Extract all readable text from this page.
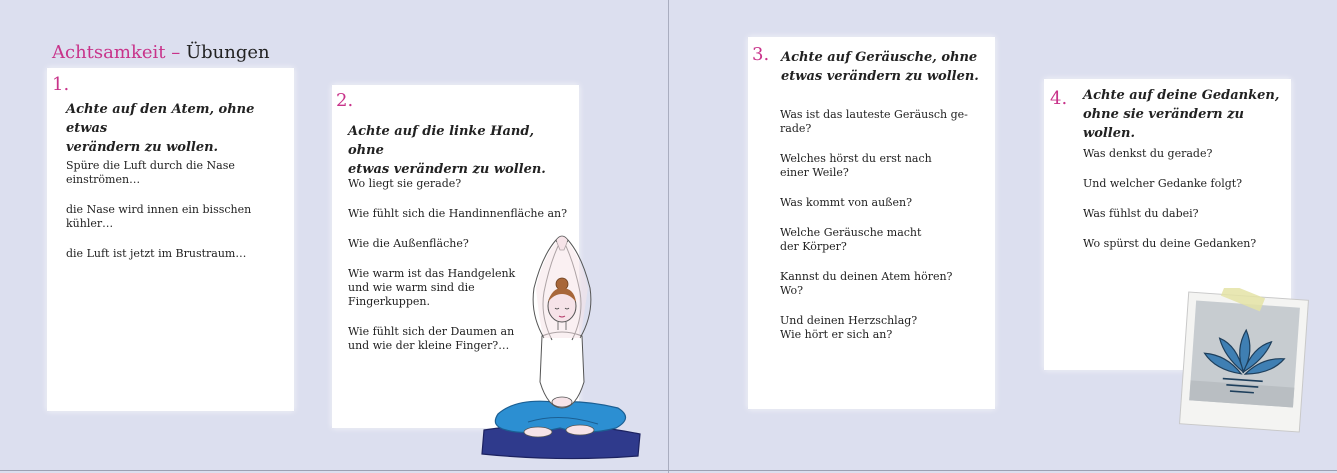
Achtsamkeit – Übungen
1.
Achte auf den Atem, ohne etwas
verändern zu wollen.

Spüre die Luft durch die Nase
einströmen…

die Nase wird innen ein bisschen
kühler…

die Luft ist jetzt im Brustraum…

2.
Achte auf die linke Hand, ohne
etwas verändern zu wollen.

Wo liegt sie gerade?

Wie fühlt sich die Handinnenfläche an?

Wie die Außenfläche?

Wie warm ist das Handgelenk
und wie warm sind die
Fingerkuppen.

Wie fühlt sich der Daumen an
und wie der kleine Finger?…

3. Achte auf Geräusche, ohne
etwas verändern zu wollen.

Was ist das lauteste Geräusch ge-
rade?

Welches hörst du erst nach
einer Weile?

Was kommt von außen?

Welche Geräusche macht
der Körper?

Kannst du deinen Atem hören?
Wo?

Und deinen Herzschlag?
Wie hört er sich an?

4. Achte auf deine Gedanken,
ohne sie verändern zu wollen.

Was denkst du gerade?

Und welcher Gedanke folgt?

Was fühlst du dabei?

Wo spürst du deine Gedanken?
